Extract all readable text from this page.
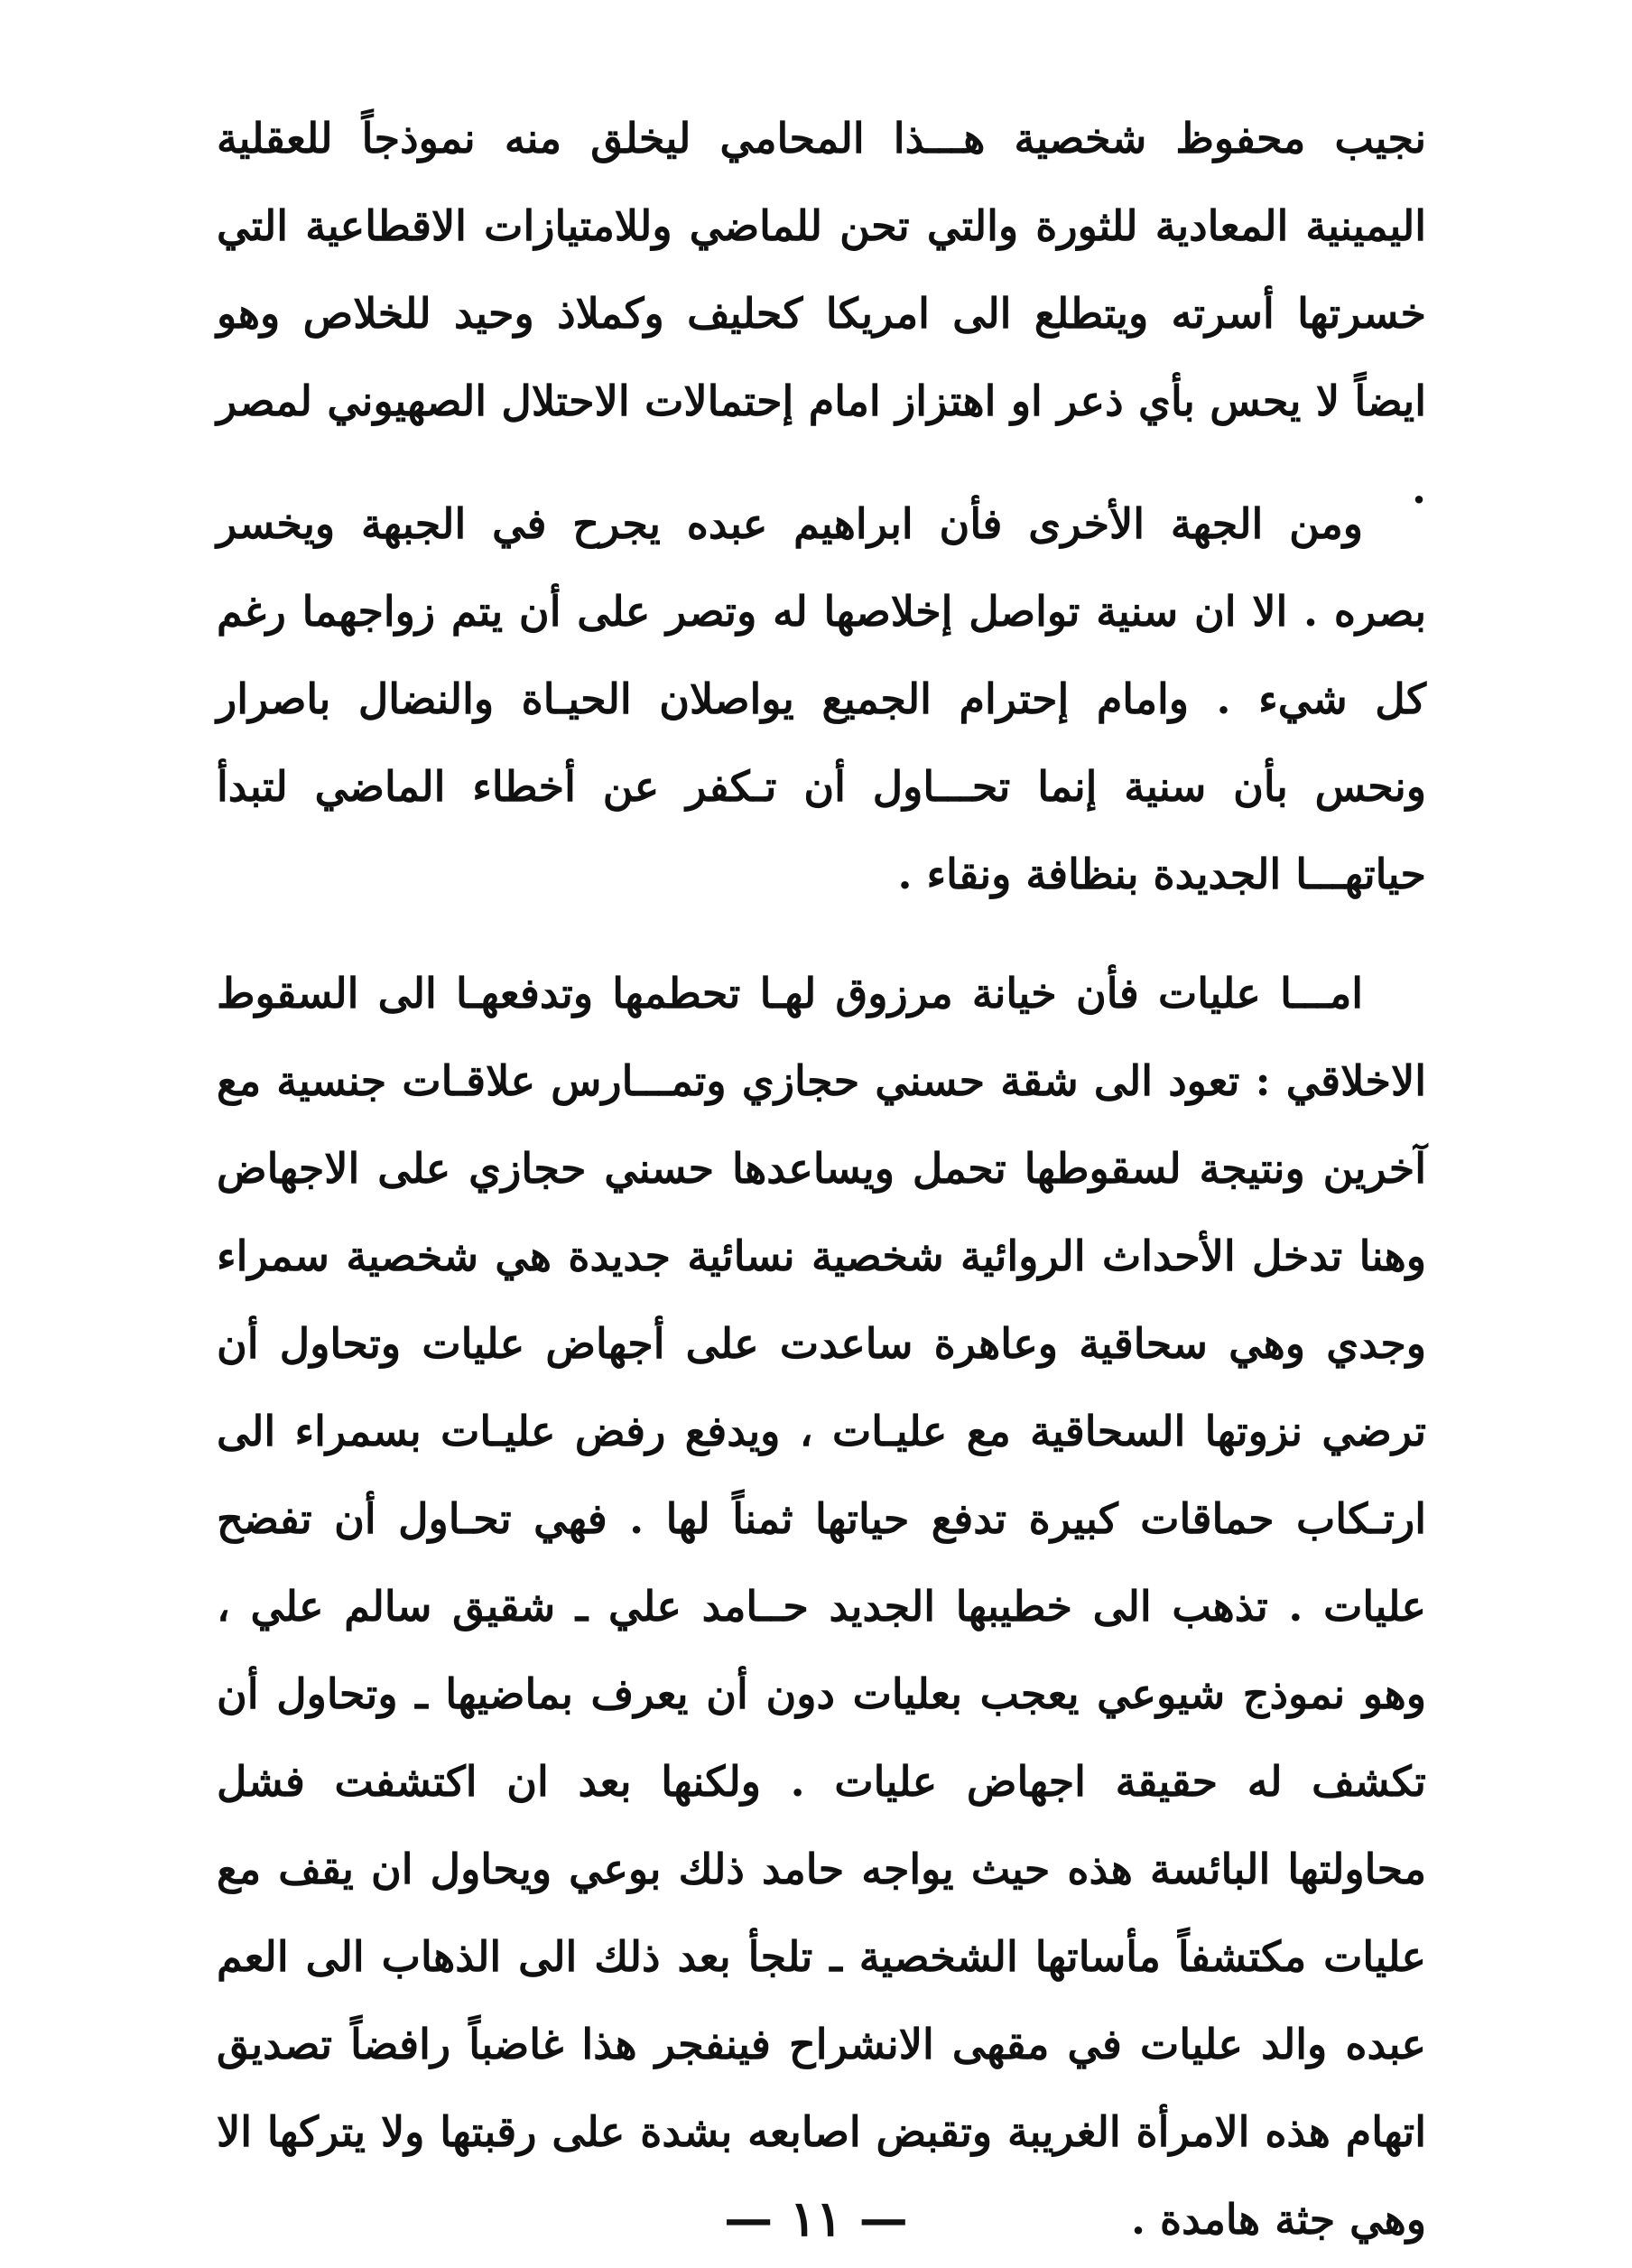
نجيب محفوظ شخصية هـــذا المحامي ليخلق منه نموذجاً للعقلية اليمينية المعادية للثورة والتي تحن للماضي وللامتيازات الاقطاعية التي خسرتها أسرته ويتطلع الى امريكا كحليف وكملاذ وحيد للخلاص وهو ايضاً لا يحس بأي ذعر او اهتزاز امام إحتمالات الاحتلال الصهيوني لمصر .

ومن الجهة الأخرى فأن ابراهيم عبده يجرح في الجبهة ويخسر بصره . الا ان سنية تواصل إخلاصها له وتصر على أن يتم زواجهما رغم كل شيء . وامام إحترام الجميع يواصلان الحيـاة والنضال باصرار ونحس بأن سنية إنما تحـــاول أن تـكفر عن أخطاء الماضي لتبدأ حياتهـــا الجديدة بنظافة ونقاء .

امـــا عليات فأن خيانة مرزوق لهـا تحطمها وتدفعهـا الى السقوط الاخلاقي : تعود الى شقة حسني حجازي وتمـــارس علاقـات جنسية مع آخرين ونتيجة لسقوطها تحمل ويساعدها حسني حجازي على الاجهاض وهنا تدخل الأحداث الروائية شخصية نسائية جديدة هي شخصية سمراء وجدي وهي سحاقية وعاهرة ساعدت على أجهاض عليات وتحاول أن ترضي نزوتها السحاقية مع عليـات ، ويدفع رفض عليـات بسمراء الى ارتـكاب حماقات كبيرة تدفع حياتها ثمناً لها . فهي تحـاول أن تفضح عليات . تذهب الى خطيبها الجديد حــامد علي ـ شقيق سالم علي ، وهو نموذج شيوعي يعجب بعليات دون أن يعرف بماضيها ـ وتحاول أن تكشف له حقيقة اجهاض عليات . ولكنها بعد ان اكتشفت فشل محاولتها البائسة هذه حيث يواجه حامد ذلك بوعي ويحاول ان يقف مع عليات مكتشفاً مأساتها الشخصية ـ تلجأ بعد ذلك الى الذهاب الى العم عبده والد عليات في مقهى الانشراح فينفجر هذا غاضباً رافضاً تصديق اتهام هذه الامرأة الغريبة وتقبض اصابعه بشدة على رقبتها ولا يتركها الا وهي جثة هامدة .

— ١١ —
